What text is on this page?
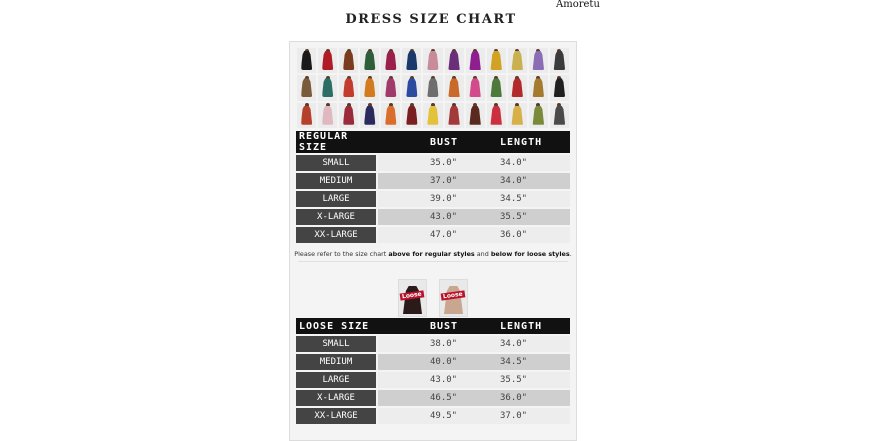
Amoretu
DRESS SIZE CHART
REGULAR SIZE	BUST	LENGTH
SMALL	35.0"	34.0"
MEDIUM	37.0"	34.0"
LARGE	39.0"	34.5"
X-LARGE	43.0"	35.5"
XX-LARGE	47.0"	36.0"
Please refer to the size chart above for regular styles and below for loose styles.
Loose	Loose
LOOSE SIZE	BUST	LENGTH
SMALL	38.0"	34.0"
MEDIUM	40.0"	34.5"
LARGE	43.0"	35.5"
X-LARGE	46.5"	36.0"
XX-LARGE	49.5"	37.0"
